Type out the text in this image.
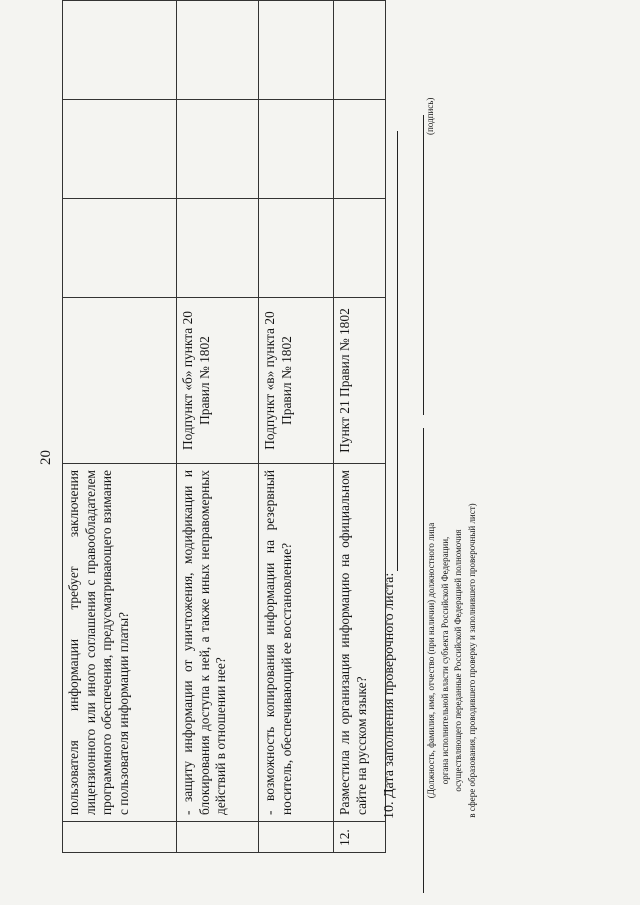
20
	пользователя информации требует заключения лицензионного или иного соглашения с правообладателем программного обеспечения, предусматривающего взимание с пользователя информации платы?				

	- защиту информации от уничтожения, модификации и блокирования доступа к ней, а также иных неправомерных действий в отношении нее?	Подпункт «б» пункта 20 Правил № 1802			

	- возможность копирования информации на резервный носитель, обеспечивающий ее восстановление?	Подпункт «в» пункта 20 Правил № 1802			

12.	Разместила ли организация информацию на официальном сайте на русском языке?	Пункт 21 Правил № 1802			
10. Дата заполнения проверочного листа:	(Должность, фамилия, имя, отчество (при наличии) должностного лица органа исполнительной власти субъекта Российской Федерации, осуществляющего переданные Российской Федерацией полномочия в сфере образования, проводившего проверку и заполнившего проверочный лист)
(подпись)
